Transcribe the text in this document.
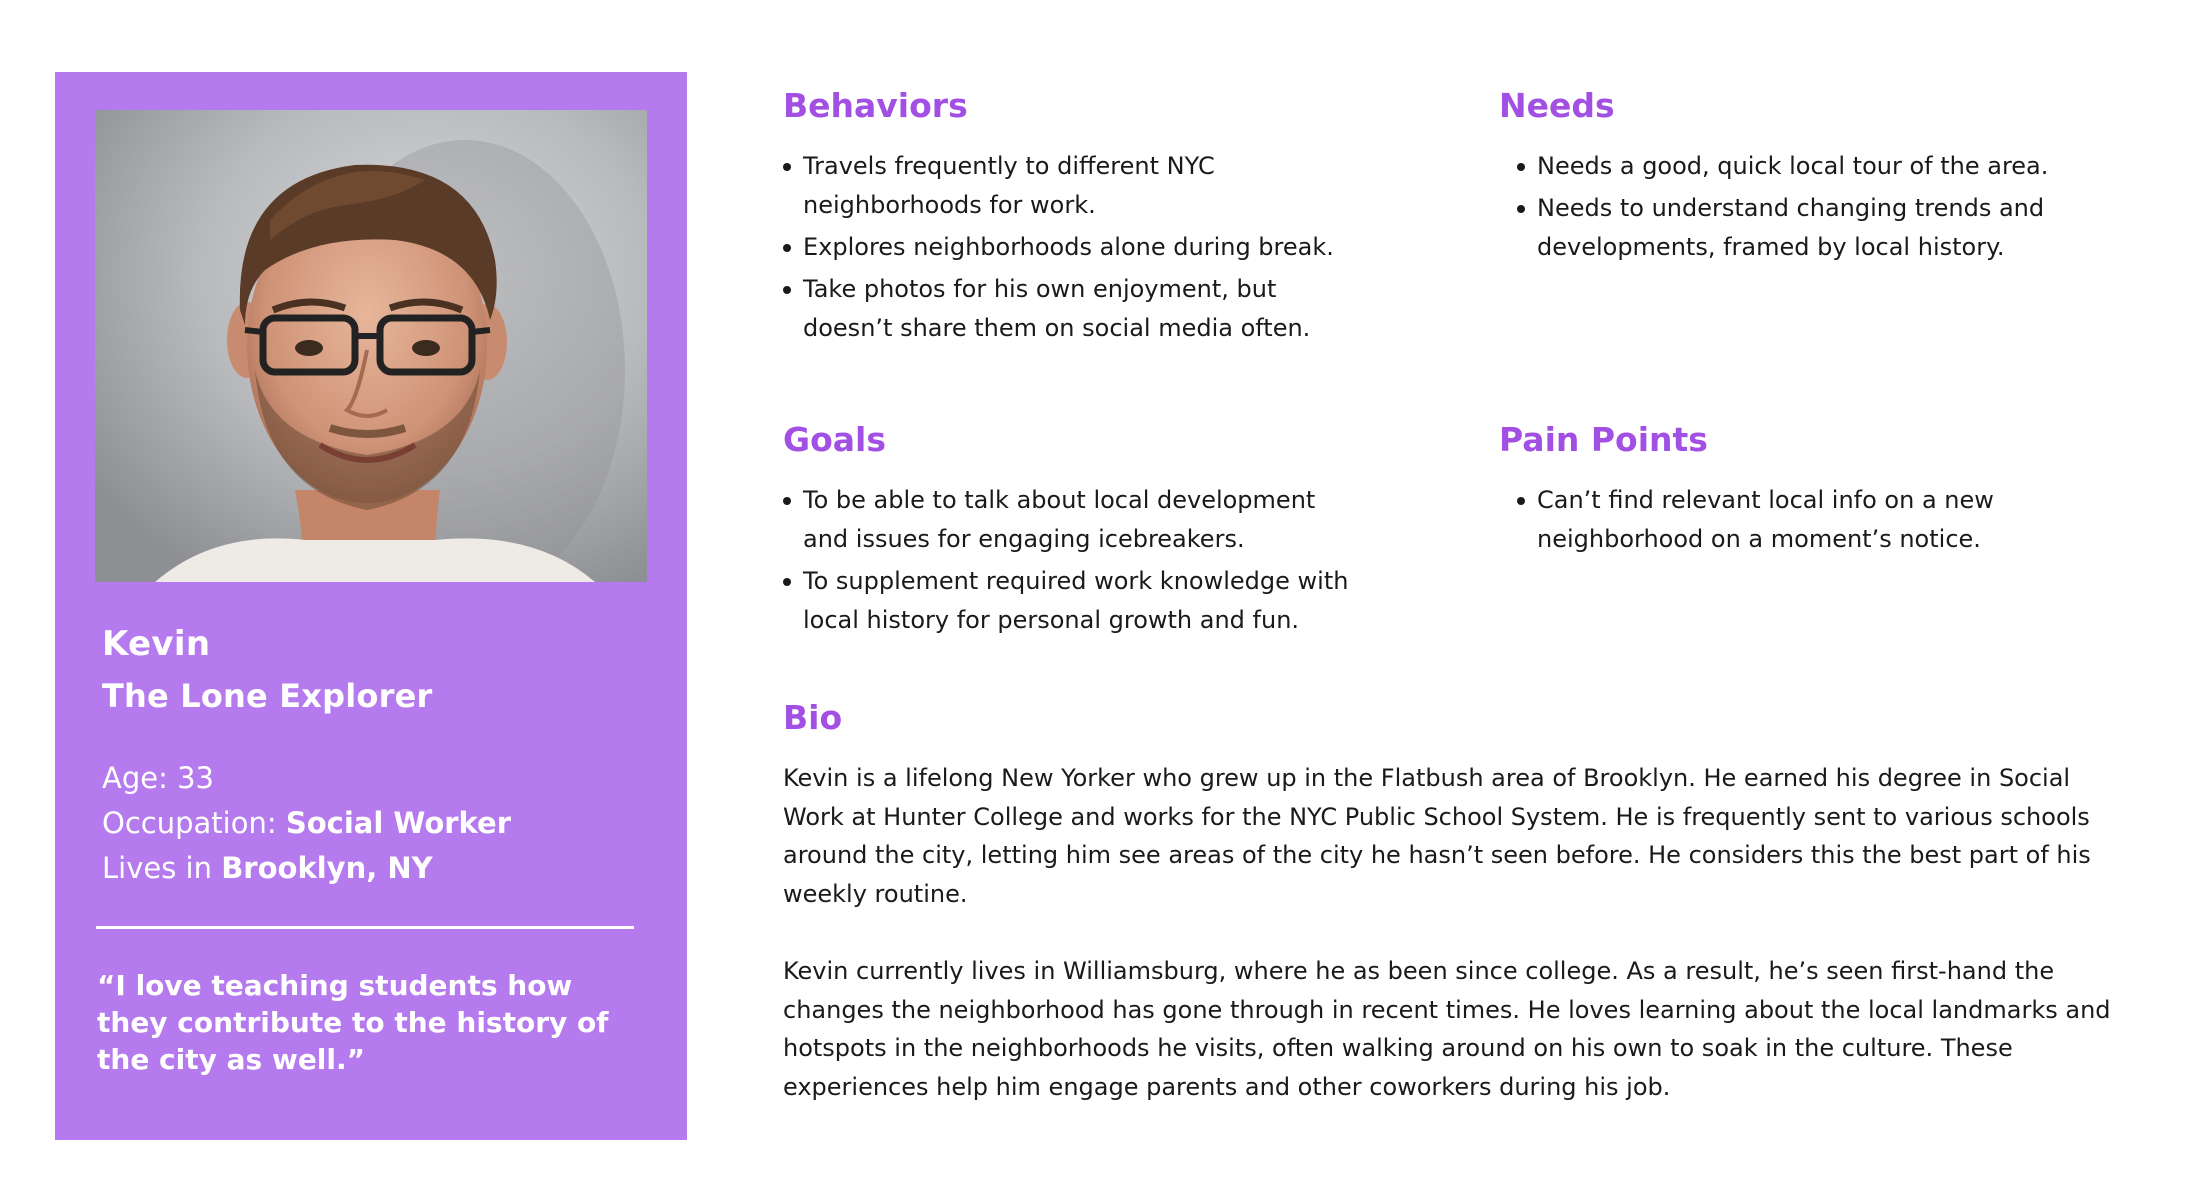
Kevin
The Lone Explorer
Age: 33
Occupation: Social Worker
Lives in Brooklyn, NY
“I love teaching students how they contribute to the history of the city as well.”
Behaviors
Travels frequently to different NYC neighborhoods for work.
Explores neighborhoods alone during break.
Take photos for his own enjoyment, but doesn’t share them on social media often.
Needs
Needs a good, quick local tour of the area.
Needs to understand changing trends and developments, framed by local history.
Goals
To be able to talk about local development and issues for engaging icebreakers.
To supplement required work knowledge with local history for personal growth and fun.
Pain Points
Can’t find relevant local info on a new neighborhood on a moment’s notice.
Bio

Kevin is a lifelong New Yorker who grew up in the Flatbush area of Brooklyn. He earned his degree in Social Work at Hunter College and works for the NYC Public School System. He is frequently sent to various schools around the city, letting him see areas of the city he hasn’t seen before. He considers this the best part of his weekly routine.

Kevin currently lives in Williamsburg, where he as been since college. As a result, he’s seen first-hand the changes the neighborhood has gone through in recent times. He loves learning about the local landmarks and hotspots in the neighborhoods he visits, often walking around on his own to soak in the culture. These experiences help him engage parents and other coworkers during his job.
